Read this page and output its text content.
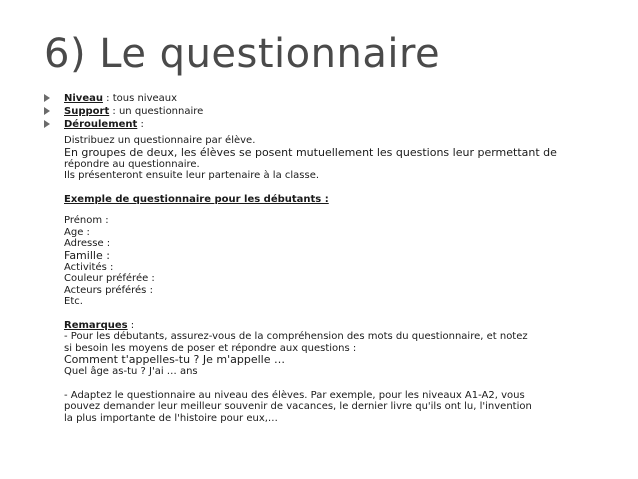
6) Le questionnaire
Niveau : tous niveaux
Support : un questionnaire
Déroulement :
Distribuez un questionnaire par élève.
En groupes de deux, les élèves se posent mutuellement les questions leur permettant de
répondre au questionnaire.
Ils présenteront ensuite leur partenaire à la classe.
Exemple de questionnaire pour les débutants :
Prénom :
Age :
Adresse :
Famille :
Activités :
Couleur préférée :
Acteurs préférés :
Etc.
Remarques :
- Pour les débutants, assurez-vous de la compréhension des mots du questionnaire, et notez
si besoin les moyens de poser et répondre aux questions :
Comment t'appelles-tu ? Je m'appelle …
Quel âge as-tu ? J'ai … ans
- Adaptez le questionnaire au niveau des élèves. Par exemple, pour les niveaux A1-A2, vous
pouvez demander leur meilleur souvenir de vacances, le dernier livre qu'ils ont lu, l'invention
la plus importante de l'histoire pour eux,…
